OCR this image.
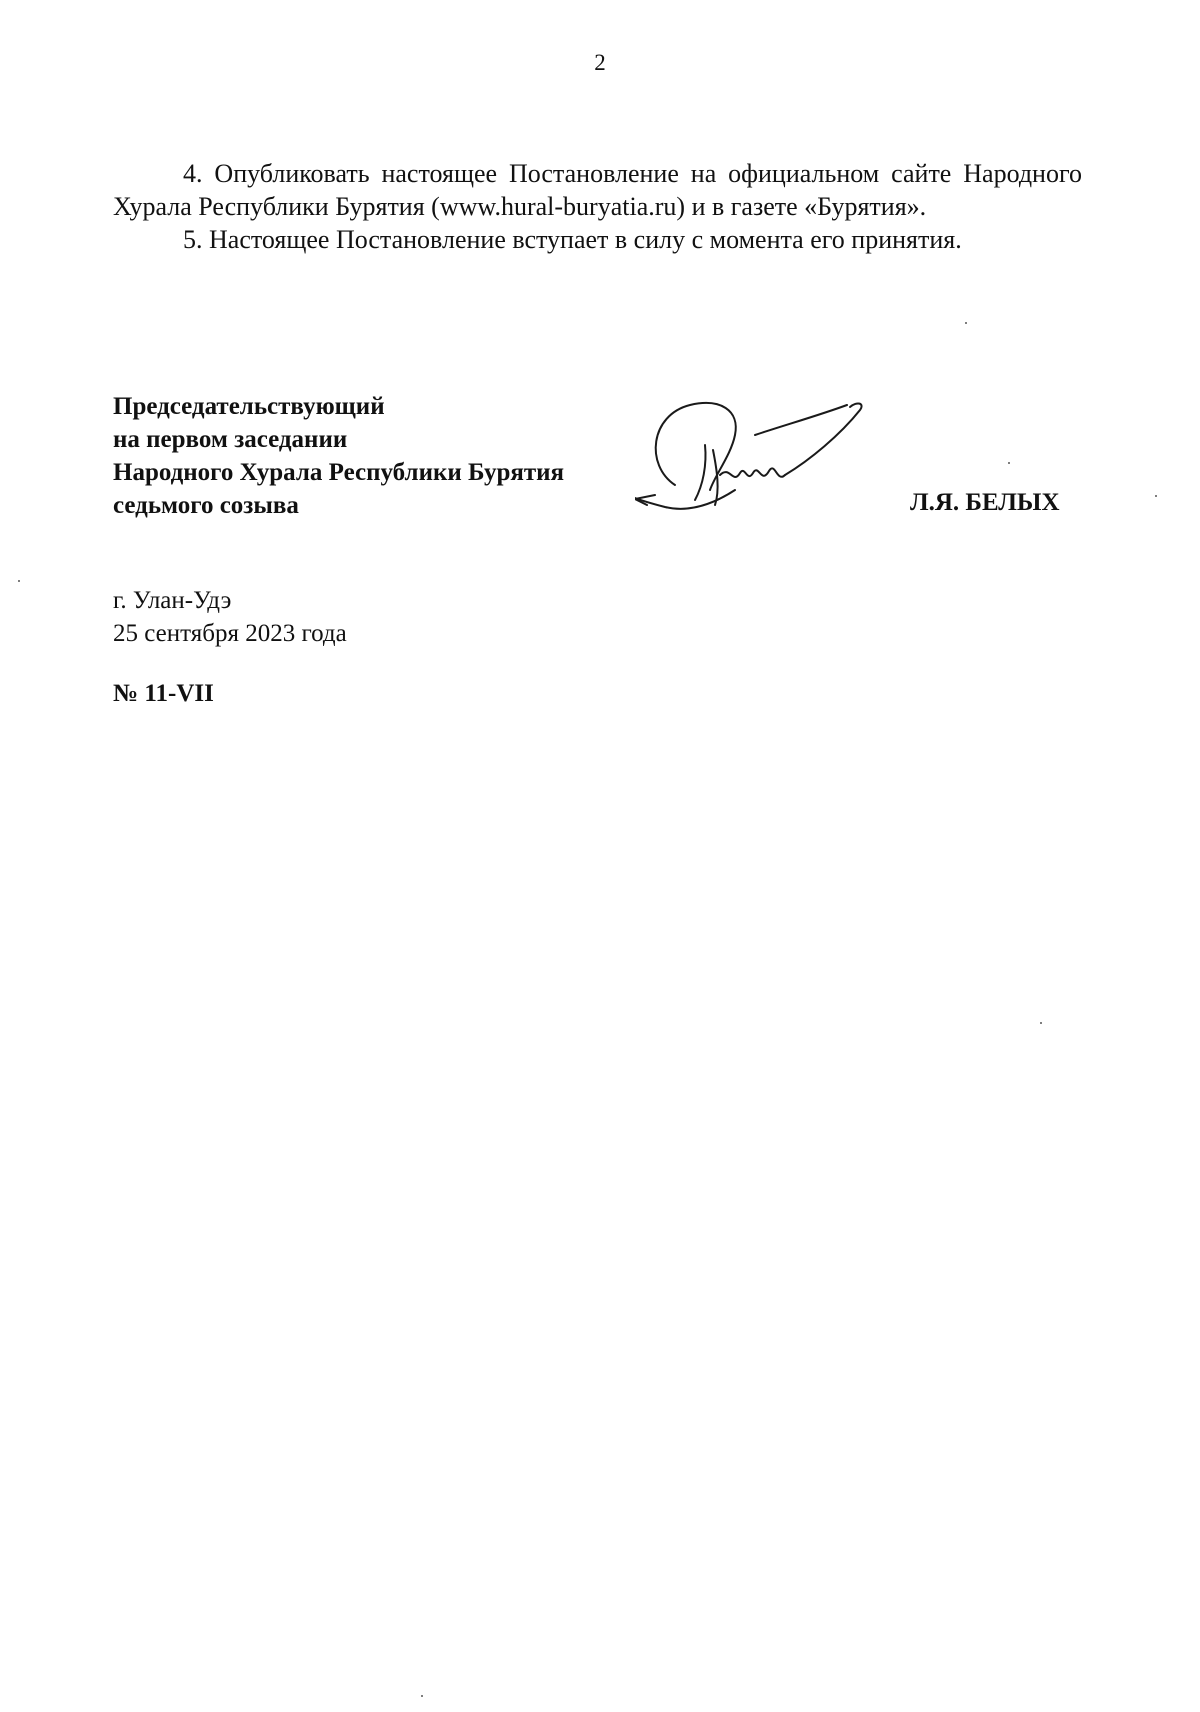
2

4. Опубликовать настоящее Постановление на официальном сайте Народного Хурала Республики Бурятия (www.hural-buryatia.ru) и в газете «Бурятия».

5. Настоящее Постановление вступает в силу с момента его принятия.

Председательствующий
на первом заседании
Народного Хурала Республики Бурятия
седьмого созыва	Л.Я. БЕЛЫХ
г. Улан-Удэ
25 сентября 2023 года
№ 11-VII
